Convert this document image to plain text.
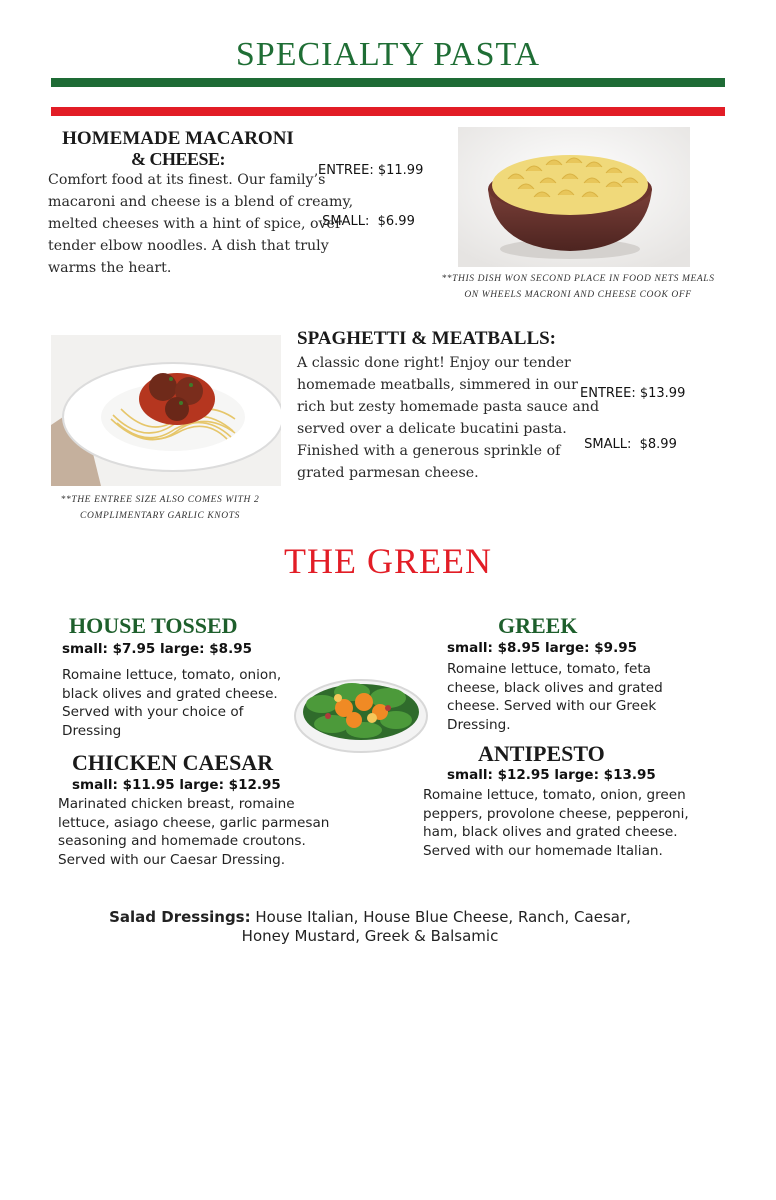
SPECIALTY PASTA
HOMEMADE MACARONI
& CHEESE:

ENTREE: $11.99

SMALL:  $6.99

Comfort food at its finest. Our family’s
macaroni and cheese is a blend of creamy,
melted cheeses with a hint of spice, over
tender elbow noodles. A dish that truly
warms the heart.
**THIS DISH WON SECOND PLACE IN FOOD NETS MEALS
ON WHEELS MACRONI AND CHEESE COOK OFF
**THE ENTREE SIZE ALSO COMES WITH 2
COMPLIMENTARY GARLIC KNOTS
SPAGHETTI & MEATBALLS:

ENTREE: $13.99

SMALL:  $8.99

A classic done right! Enjoy our tender
homemade meatballs, simmered in our
rich but zesty homemade pasta sauce and
served over a delicate bucatini pasta.
Finished with a generous sprinkle of
grated parmesan cheese.
THE GREEN
HOUSE TOSSED
small: $7.95 large: $8.95
Romaine lettuce, tomato, onion,
black olives and grated cheese.
Served with your choice of
Dressing
CHICKEN CAESAR
small: $11.95 large: $12.95
Marinated chicken breast, romaine
lettuce, asiago cheese, garlic parmesan
seasoning and homemade croutons.
Served with our Caesar Dressing.
GREEK
small: $8.95 large: $9.95
Romaine lettuce, tomato, feta
cheese, black olives and grated
cheese. Served with our Greek
Dressing.
ANTIPESTO
small: $12.95 large: $13.95
Romaine lettuce, tomato, onion, green
peppers, provolone cheese, pepperoni,
ham, black olives and grated cheese.
Served with our homemade Italian.
Salad Dressings: House Italian, House Blue Cheese, Ranch, Caesar,
Honey Mustard, Greek & Balsamic
